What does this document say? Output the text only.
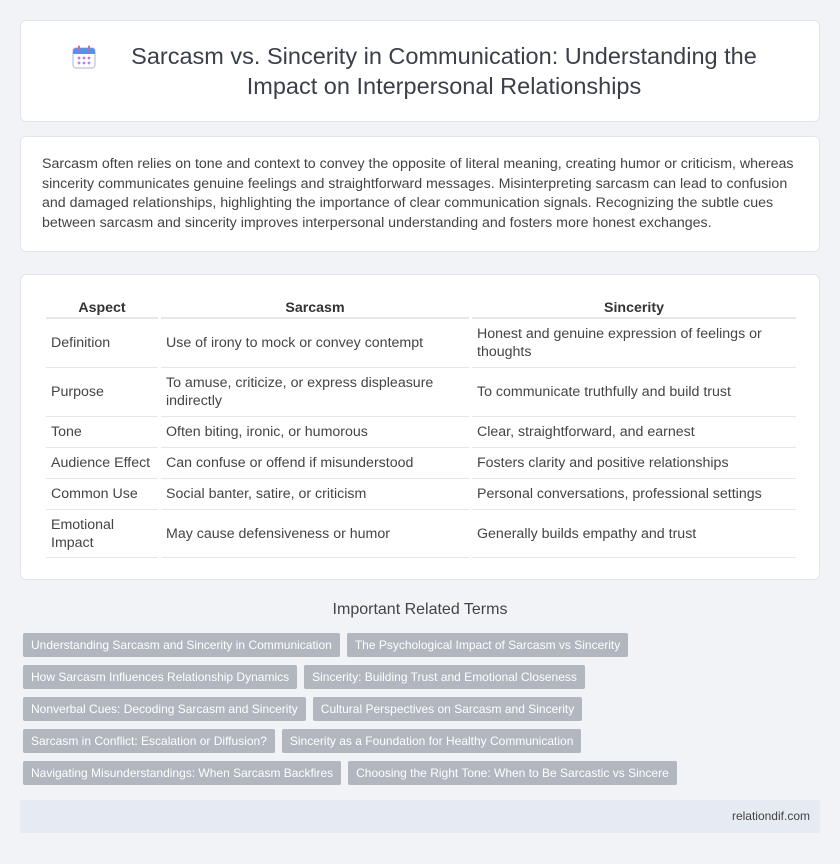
Sarcasm vs. Sincerity in Communication: Understanding the Impact on Interpersonal Relationships

Sarcasm often relies on tone and context to convey the opposite of literal meaning, creating humor or criticism, whereas sincerity communicates genuine feelings and straightforward messages. Misinterpreting sarcasm can lead to confusion and damaged relationships, highlighting the importance of clear communication signals. Recognizing the subtle cues between sarcasm and sincerity improves interpersonal understanding and fosters more honest exchanges.

Aspect	Sarcasm	Sincerity
Definition	Use of irony to mock or convey contempt	Honest and genuine expression of feelings or thoughts
Purpose	To amuse, criticize, or express displeasure indirectly	To communicate truthfully and build trust
Tone	Often biting, ironic, or humorous	Clear, straightforward, and earnest
Audience Effect	Can confuse or offend if misunderstood	Fosters clarity and positive relationships
Common Use	Social banter, satire, or criticism	Personal conversations, professional settings
Emotional Impact	May cause defensiveness or humor	Generally builds empathy and trust
Important Related Terms
Understanding Sarcasm and Sincerity in Communication	The Psychological Impact of Sarcasm vs Sincerity
How Sarcasm Influences Relationship Dynamics	Sincerity: Building Trust and Emotional Closeness
Nonverbal Cues: Decoding Sarcasm and Sincerity	Cultural Perspectives on Sarcasm and Sincerity
Sarcasm in Conflict: Escalation or Diffusion?	Sincerity as a Foundation for Healthy Communication
Navigating Misunderstandings: When Sarcasm Backfires	Choosing the Right Tone: When to Be Sarcastic vs Sincere
relationdif.com
